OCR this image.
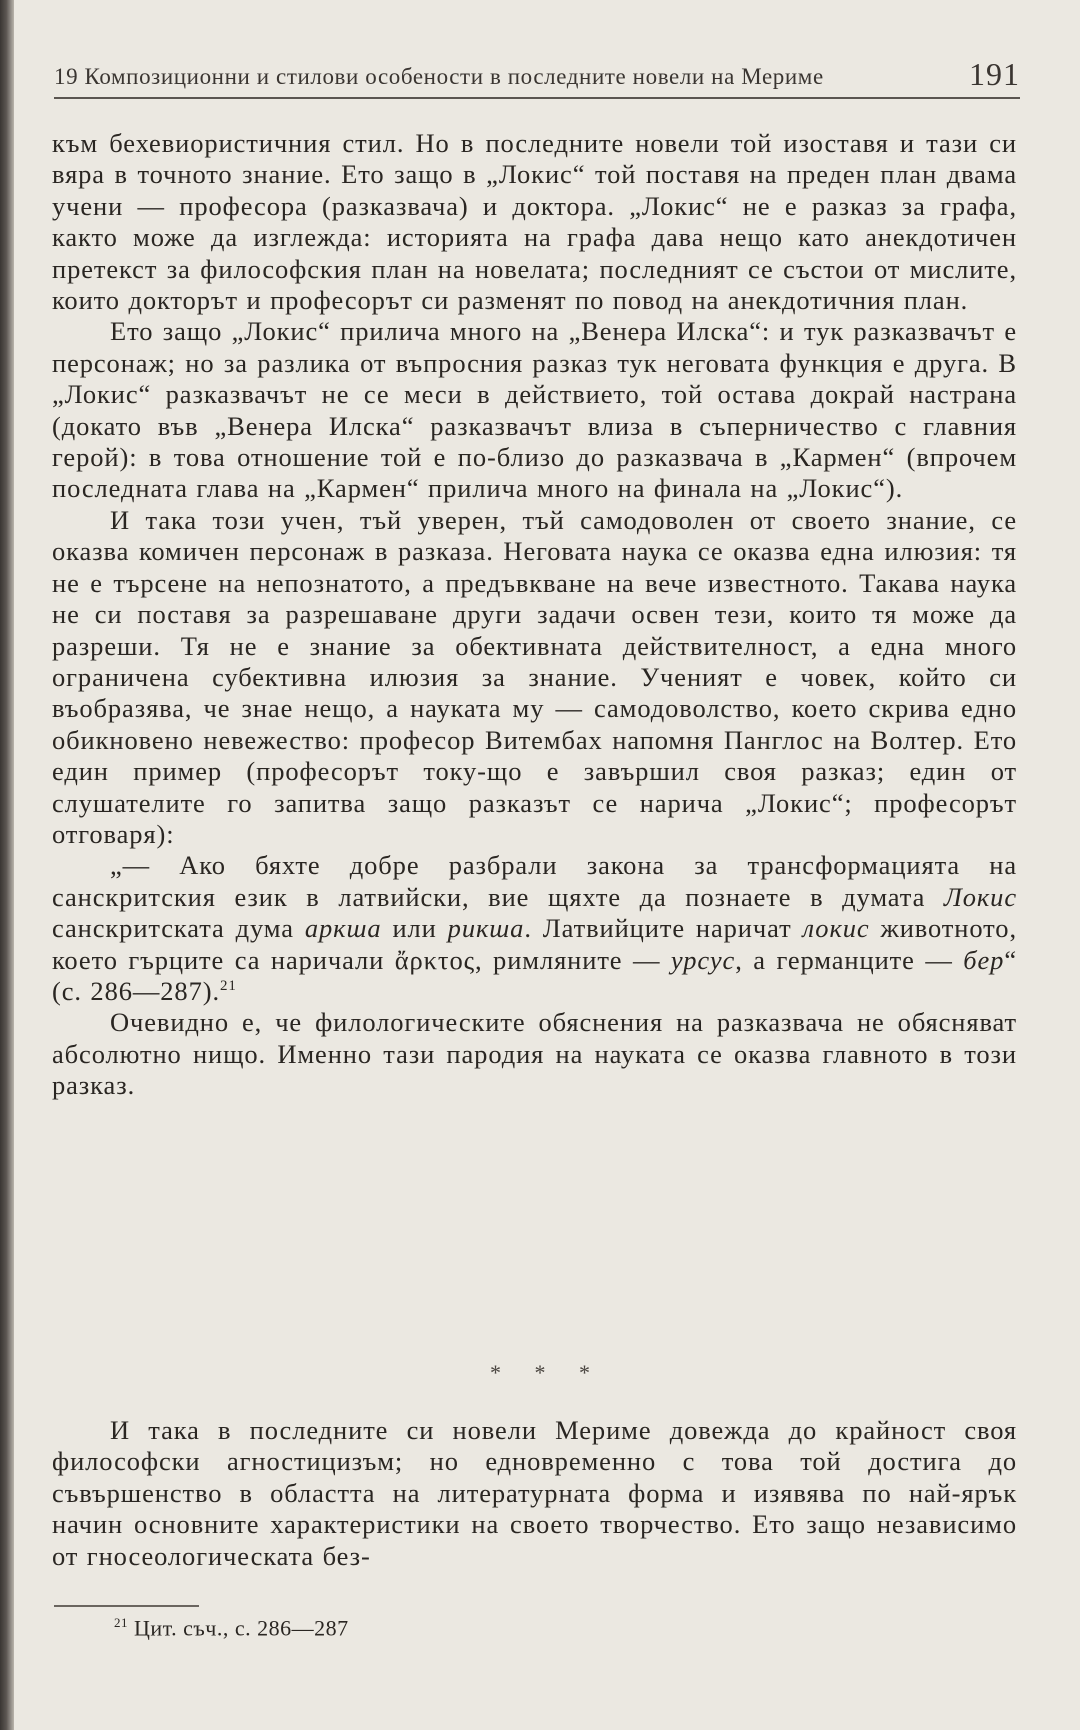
19 Композиционни и стилови особености в последните новели на Мериме	191

към бехевиористичния стил. Но в последните новели той изоставя и тази си вяра в точното знание. Ето защо в „Локис“ той поставя на преден план двама учени — професора (разказвача) и доктора. „Локис“ не е разказ за графа, както може да изглежда: историята на графа дава нещо като анекдотичен претекст за философския план на новелата; последният се състои от мислите, които докторът и професорът си разменят по повод на анекдотичния план.

Ето защо „Локис“ прилича много на „Венера Илска“: и тук разказвачът е персонаж; но за разлика от въпросния разказ тук неговата функция е друга. В „Локис“ разказвачът не се меси в действието, той остава докрай настрана (докато във „Венера Илска“ разказвачът влиза в съперничество с главния герой): в това отношение той е по-близо до разказвача в „Кармен“ (впрочем последната глава на „Кармен“ прилича много на финала на „Локис“).

И така този учен, тъй уверен, тъй самодоволен от своето знание, се оказва комичен персонаж в разказа. Неговата наука се оказва една илюзия: тя не е търсене на непознатото, а предъвкване на вече известното. Такава наука не си поставя за разрешаване други задачи освен тези, които тя може да разреши. Тя не е знание за обективната действителност, а една много ограничена субективна илюзия за знание. Ученият е човек, който си въобразява, че знае нещо, а науката му — самодоволство, което скрива едно обикновено невежество: професор Витембах напомня Панглос на Волтер. Ето един пример (професорът току-що е завършил своя разказ; един от слушателите го запитва защо разказът се нарича „Локис“; професорът отговаря):

„— Ако бяхте добре разбрали закона за трансформацията на санскритския език в латвийски, вие щяхте да познаете в думата Локис санскритската дума аркша или рикша. Латвийците наричат локис животното, което гърците са наричали ἄρκτος, римляните — урсус, а германците — бер“ (с. 286—287).$^{21}$

Очевидно е, че филологическите обяснения на разказвача не обясняват абсолютно нищо. Именно тази пародия на науката се оказва главното в този разказ.

* * *

И така в последните си новели Мериме довежда до крайност своя философски агностицизъм; но едновременно с това той достига до съвършенство в областта на литературната форма и изявява по най-ярък начин основните характеристики на своето творчество. Ето защо независимо от гносеологическата без-

$^{21}$ Цит. съч., с. 286—287
